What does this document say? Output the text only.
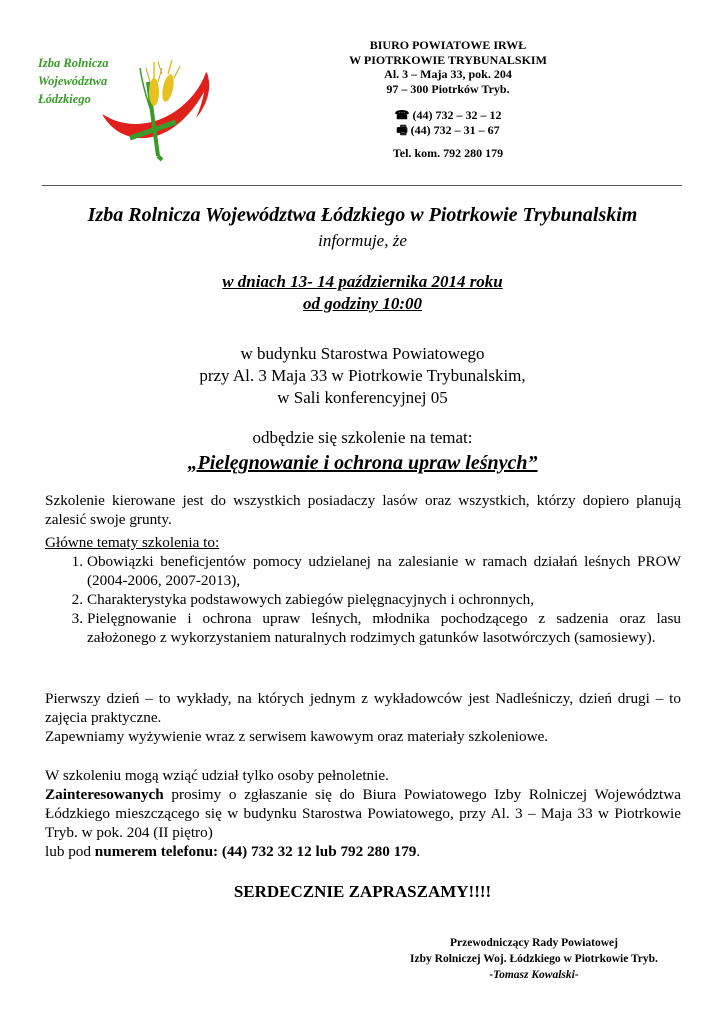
Izba Rolnicza
Województwa
Łódzkiego
BIURO POWIATOWE IRWŁ
W PIOTRKOWIE TRYBUNALSKIM
Al. 3 – Maja 33, pok. 204
97 – 300 Piotrków Tryb.
☎ (44) 732 – 32 – 12
🖷 (44) 732 – 31 – 67
Tel. kom. 792 280 179
Izba Rolnicza Województwa Łódzkiego w Piotrkowie Trybunalskim
informuje, że
w dniach 13- 14 października 2014 roku
od godziny 10:00
w budynku Starostwa Powiatowego
przy Al. 3 Maja 33 w Piotrkowie Trybunalskim,
w Sali konferencyjnej 05
odbędzie się szkolenie na temat:
„Pielęgnowanie i ochrona upraw leśnych”
Szkolenie kierowane jest do wszystkich posiadaczy lasów oraz wszystkich, którzy dopiero planują zalesić swoje grunty.
Główne tematy szkolenia to:
1. Obowiązki beneficjentów pomocy udzielanej na zalesianie w ramach działań leśnych PROW (2004-2006, 2007-2013),
2. Charakterystyka podstawowych zabiegów pielęgnacyjnych i ochronnych,
3. Pielęgnowanie i ochrona upraw leśnych, młodnika pochodzącego z sadzenia oraz lasu założonego z wykorzystaniem naturalnych rodzimych gatunków lasotwórczych (samosiewy).
Pierwszy dzień – to wykłady, na których jednym z wykładowców jest Nadleśniczy, dzień drugi – to zajęcia praktyczne.
Zapewniamy wyżywienie wraz z serwisem kawowym oraz materiały szkoleniowe.
W szkoleniu mogą wziąć udział tylko osoby pełnoletnie.
Zainteresowanych prosimy o zgłaszanie się do Biura Powiatowego Izby Rolniczej Województwa Łódzkiego mieszczącego się w budynku Starostwa Powiatowego, przy Al. 3 – Maja 33 w Piotrkowie Tryb. w pok. 204 (II piętro)
lub pod numerem telefonu: (44) 732 32 12 lub 792 280 179.
SERDECZNIE ZAPRASZAMY!!!!
Przewodniczący Rady Powiatowej
Izby Rolniczej Woj. Łódzkiego w Piotrkowie Tryb.
-Tomasz Kowalski-
